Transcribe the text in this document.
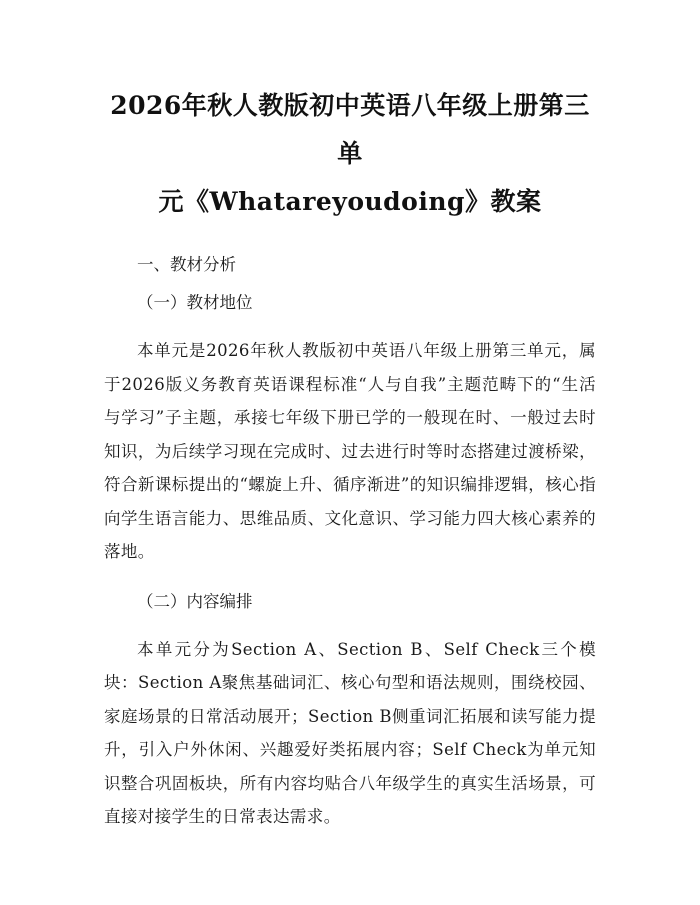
2026年秋人教版初中英语八年级上册第三单
元《Whatareyoudoing》教案

一、教材分析

（一）教材地位

本单元是2026年秋人教版初中英语八年级上册第三单元，属于2026版义务教育英语课程标准“人与自我”主题范畴下的“生活与学习”子主题，承接七年级下册已学的一般现在时、一般过去时知识，为后续学习现在完成时、过去进行时等时态搭建过渡桥梁，符合新课标提出的“螺旋上升、循序渐进”的知识编排逻辑，核心指向学生语言能力、思维品质、文化意识、学习能力四大核心素养的落地。

（二）内容编排

本单元分为Section A、Section B、Self Check三个模块：Section A聚焦基础词汇、核心句型和语法规则，围绕校园、家庭场景的日常活动展开；Section B侧重词汇拓展和读写能力提升，引入户外休闲、兴趣爱好类拓展内容；Self Check为单元知识整合巩固板块，所有内容均贴合八年级学生的真实生活场景，可直接对接学生的日常表达需求。
